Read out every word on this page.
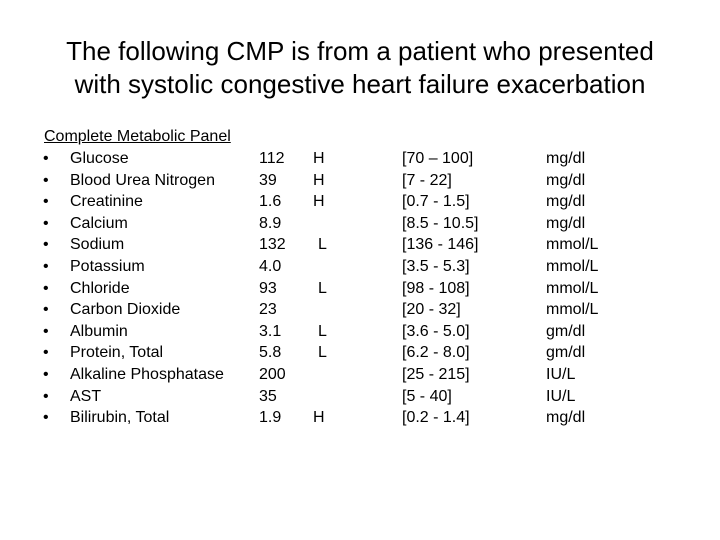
The following CMP is from a patient who presented
with systolic congestive heart failure exacerbation
Complete Metabolic Panel
• Glucose	112 H	[70 – 100]	mg/dl
• Blood Urea Nitrogen	39 H	[7 - 22]	mg/dl
• Creatinine	1.6 H	[0.7 - 1.5]	mg/dl
• Calcium	8.9	[8.5 - 10.5]	mg/dl
• Sodium	132 L	[136 - 146]	mmol/L
• Potassium	4.0	[3.5 - 5.3]	mmol/L
• Chloride	93	L	[98 - 108]	mmol/L
• Carbon Dioxide	23	[20 - 32]	mmol/L
• Albumin	3.1 L	[3.6 - 5.0]	gm/dl
• Protein, Total	5.8 L	[6.2 - 8.0]	gm/dl
• Alkaline Phosphatase 200	[25 - 215]	IU/L
• AST	35	[5 - 40]	IU/L
• Bilirubin, Total	1.9 H	[0.2 - 1.4]	mg/dl
